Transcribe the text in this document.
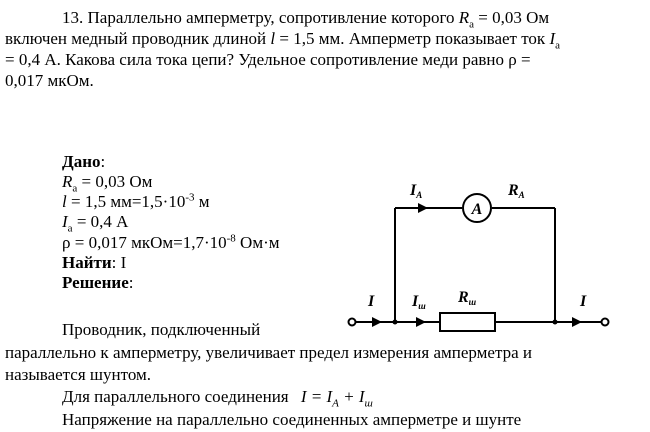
13. Параллельно амперметру, сопротивление которого $R_а = 0,03$ Ом
включен медный проводник длиной l = 1,5 мм. Амперметр показывает ток $I_а$
= 0,4 А. Какова сила тока цепи? Удельное сопротивление меди равно ρ =
0,017 мкОм.
Дано:
$R_а = 0,03$ Ом
l = 1,5 $мм=1,5\cdot 10^{-3}$ м
$I_а = 0,4$ А
ρ = 0,017 $мкОм=1,7\cdot 10^{-8}$ Ом·м
Найти: I
Решение:
Проводник, подключенный
параллельно к амперметру, увеличивает предел измерения амперметра и
называется шунтом.
Для параллельного соединения $I = I_A + I_ш$
Напряжение на параллельно соединенных амперметре и шунте
A
IA	RA
I Iш Rш	I
